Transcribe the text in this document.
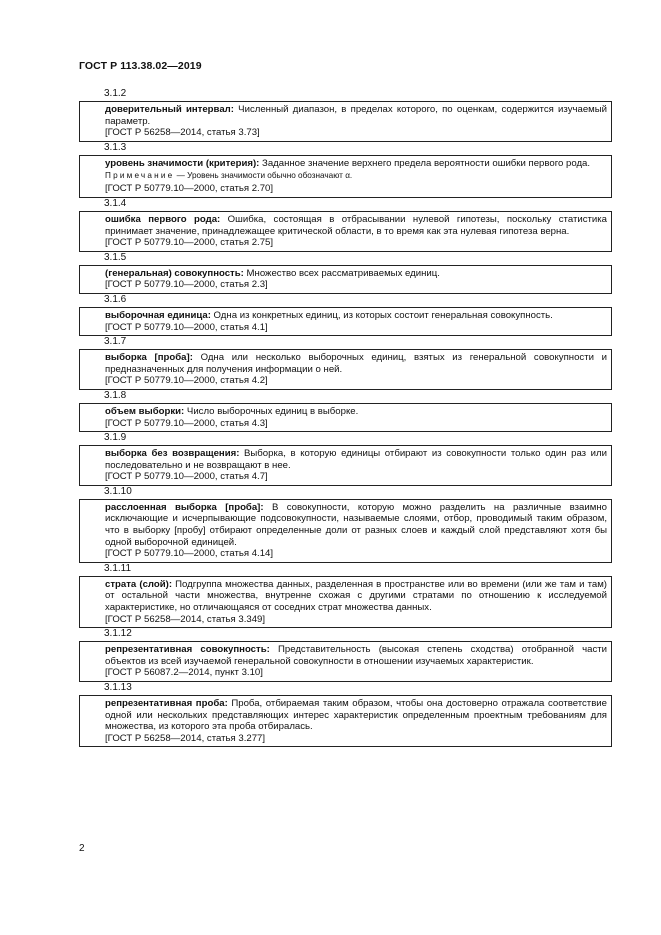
ГОСТ Р 113.38.02—2019
3.1.2
доверительный интервал: Численный диапазон, в пределах которого, по оценкам, содержится изучаемый параметр.
[ГОСТ Р 56258—2014, статья 3.73]
3.1.3
уровень значимости (критерия): Заданное значение верхнего предела вероятности ошибки первого рода.
Примечание — Уровень значимости обычно обозначают α.
[ГОСТ Р 50779.10—2000, статья 2.70]
3.1.4
ошибка первого рода: Ошибка, состоящая в отбрасывании нулевой гипотезы, поскольку статистика принимает значение, принадлежащее критической области, в то время как эта нулевая гипотеза верна.
[ГОСТ Р 50779.10—2000, статья 2.75]
3.1.5
(генеральная) совокупность: Множество всех рассматриваемых единиц.
[ГОСТ Р 50779.10—2000, статья 2.3]
3.1.6
выборочная единица: Одна из конкретных единиц, из которых состоит генеральная совокупность.
[ГОСТ Р 50779.10—2000, статья 4.1]
3.1.7
выборка [проба]: Одна или несколько выборочных единиц, взятых из генеральной совокупности и предназначенных для получения информации о ней.
[ГОСТ Р 50779.10—2000, статья 4.2]
3.1.8
объем выборки: Число выборочных единиц в выборке.
[ГОСТ Р 50779.10—2000, статья 4.3]
3.1.9
выборка без возвращения: Выборка, в которую единицы отбирают из совокупности только один раз или последовательно и не возвращают в нее.
[ГОСТ Р 50779.10—2000, статья 4.7]
3.1.10
расслоенная выборка [проба]: В совокупности, которую можно разделить на различные взаимно исключающие и исчерпывающие подсовокупности, называемые слоями, отбор, проводимый таким образом, что в выборку [пробу] отбирают определенные доли от разных слоев и каждый слой представляют хотя бы одной выборочной единицей.
[ГОСТ Р 50779.10—2000, статья 4.14]
3.1.11
страта (слой): Подгруппа множества данных, разделенная в пространстве или во времени (или же там и там) от остальной части множества, внутренне схожая с другими стратами по отношению к исследуемой характеристике, но отличающаяся от соседних страт множества данных.
[ГОСТ Р 56258—2014, статья 3.349]
3.1.12
репрезентативная совокупность: Представительность (высокая степень сходства) отобранной части объектов из всей изучаемой генеральной совокупности в отношении изучаемых характеристик.
[ГОСТ Р 56087.2—2014, пункт 3.10]
3.1.13
репрезентативная проба: Проба, отбираемая таким образом, чтобы она достоверно отражала соответствие одной или нескольких представляющих интерес характеристик определенным проектным требованиям для множества, из которого эта проба отбиралась.
[ГОСТ Р 56258—2014, статья 3.277]
2
